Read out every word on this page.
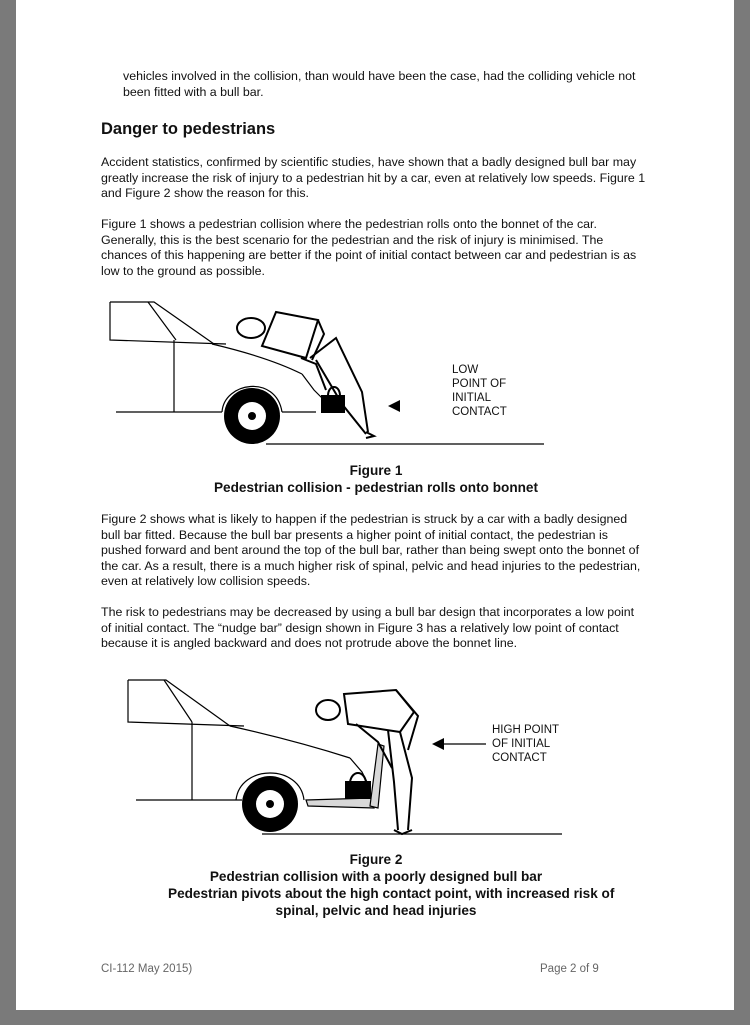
vehicles involved in the collision, than would have been the case, had the colliding vehicle not been fitted with a bull bar.

Danger to pedestrians

Accident statistics, confirmed by scientific studies, have shown that a badly designed bull bar may greatly increase the risk of injury to a pedestrian hit by a car, even at relatively low speeds. Figure 1 and Figure 2 show the reason for this.

Figure 1 shows a pedestrian collision where the pedestrian rolls onto the bonnet of the car. Generally, this is the best scenario for the pedestrian and the risk of injury is minimised. The chances of this happening are better if the point of initial contact between car and pedestrian is as low to the ground as possible.

LOW
POINT OF
INITIAL
CONTACT

Figure 1

Pedestrian collision - pedestrian rolls onto bonnet

Figure 2 shows what is likely to happen if the pedestrian is struck by a car with a badly designed bull bar fitted. Because the bull bar presents a higher point of initial contact, the pedestrian is pushed forward and bent around the top of the bull bar, rather than being swept onto the bonnet of the car. As a result, there is a much higher risk of spinal, pelvic and head injuries to the pedestrian, even at relatively low collision speeds.

The risk to pedestrians may be decreased by using a bull bar design that incorporates a low point of initial contact. The “nudge bar” design shown in Figure 3 has a relatively low point of contact because it is angled backward and does not protrude above the bonnet line.

HIGH POINT
OF INITIAL
CONTACT

Figure 2

Pedestrian collision with a poorly designed bull bar

Pedestrian pivots about the high contact point, with increased risk of

spinal, pelvic and head injuries

CI-112 May 2015)	Page 2 of 9
